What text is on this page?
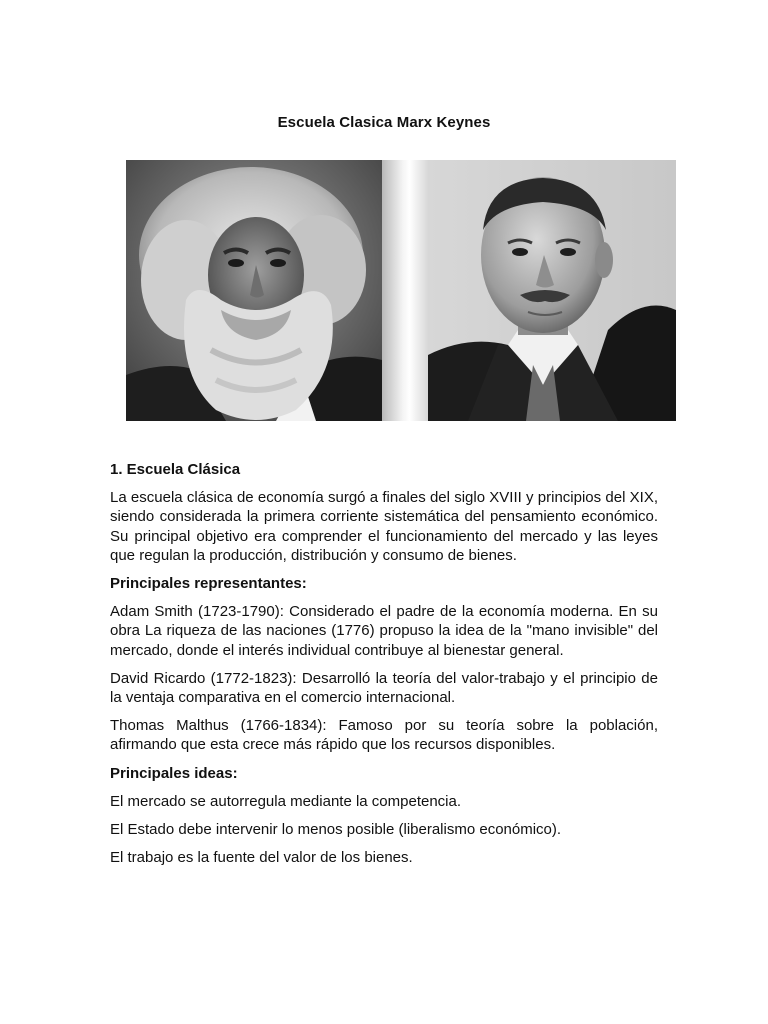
Escuela Clasica Marx Keynes
1. Escuela Clásica
La escuela clásica de economía surgó a finales del siglo XVIII y principios del XIX, siendo considerada la primera corriente sistemática del pensamiento económico. Su principal objetivo era comprender el funcionamiento del mercado y las leyes que regulan la producción, distribución y consumo de bienes.
Principales representantes:
Adam Smith (1723-1790): Considerado el padre de la economía moderna. En su obra La riqueza de las naciones (1776) propuso la idea de la "mano invisible" del mercado, donde el interés individual contribuye al bienestar general.
David Ricardo (1772-1823): Desarrolló la teoría del valor-trabajo y el principio de la ventaja comparativa en el comercio internacional.
Thomas Malthus (1766-1834): Famoso por su teoría sobre la población, afirmando que esta crece más rápido que los recursos disponibles.
Principales ideas:
El mercado se autorregula mediante la competencia.
El Estado debe intervenir lo menos posible (liberalismo económico).
El trabajo es la fuente del valor de los bienes.
